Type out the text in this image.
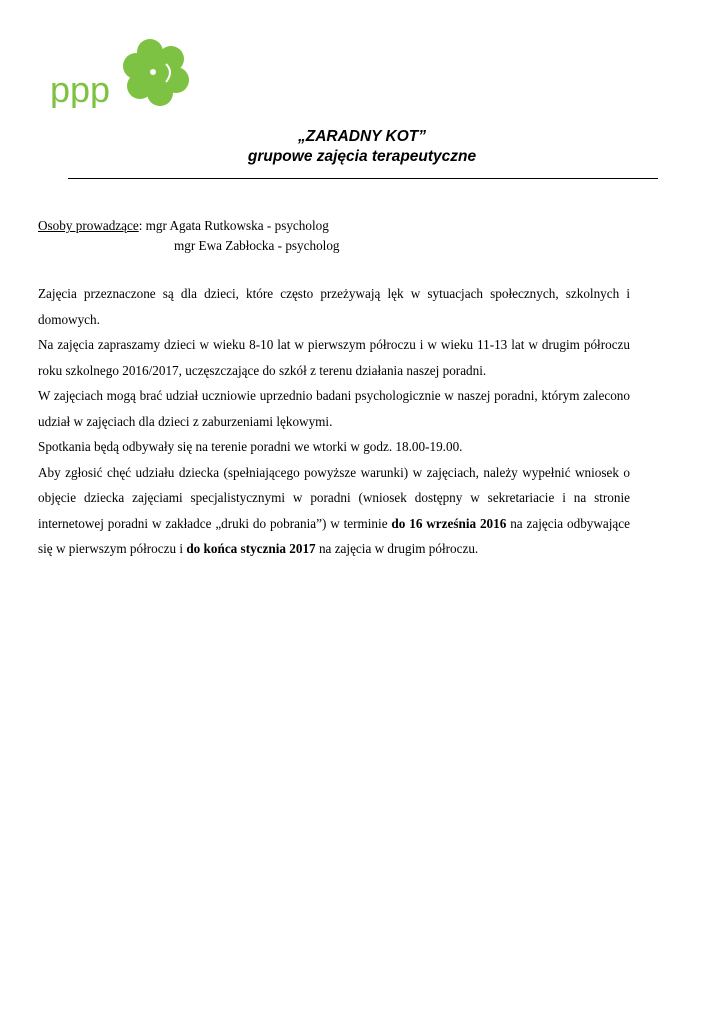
ppp
„ZARADNY KOT”
grupowe zajęcia terapeutyczne
Osoby prowadzące: mgr Agata Rutkowska - psycholog
mgr Ewa Zabłocka - psycholog

Zajęcia przeznaczone są dla dzieci, które często przeżywają lęk w sytuacjach społecznych, szkolnych i domowych.

Na zajęcia zapraszamy dzieci w wieku 8-10 lat w pierwszym półroczu i w wieku 11-13 lat w drugim półroczu roku szkolnego 2016/2017, uczęszczające do szkół z terenu działania naszej poradni.

W zajęciach mogą brać udział uczniowie uprzednio badani psychologicznie w naszej poradni, którym zalecono udział w zajęciach dla dzieci z zaburzeniami lękowymi.

Spotkania będą odbywały się na terenie poradni we wtorki w godz. 18.00-19.00.

Aby zgłosić chęć udziału dziecka (spełniającego powyższe warunki) w zajęciach, należy wypełnić wniosek o objęcie dziecka zajęciami specjalistycznymi w poradni (wniosek dostępny w sekretariacie i na stronie internetowej poradni w zakładce „druki do pobrania”) w terminie do 16 września 2016 na zajęcia odbywające się w pierwszym półroczu i do końca stycznia 2017 na zajęcia w drugim półroczu.
